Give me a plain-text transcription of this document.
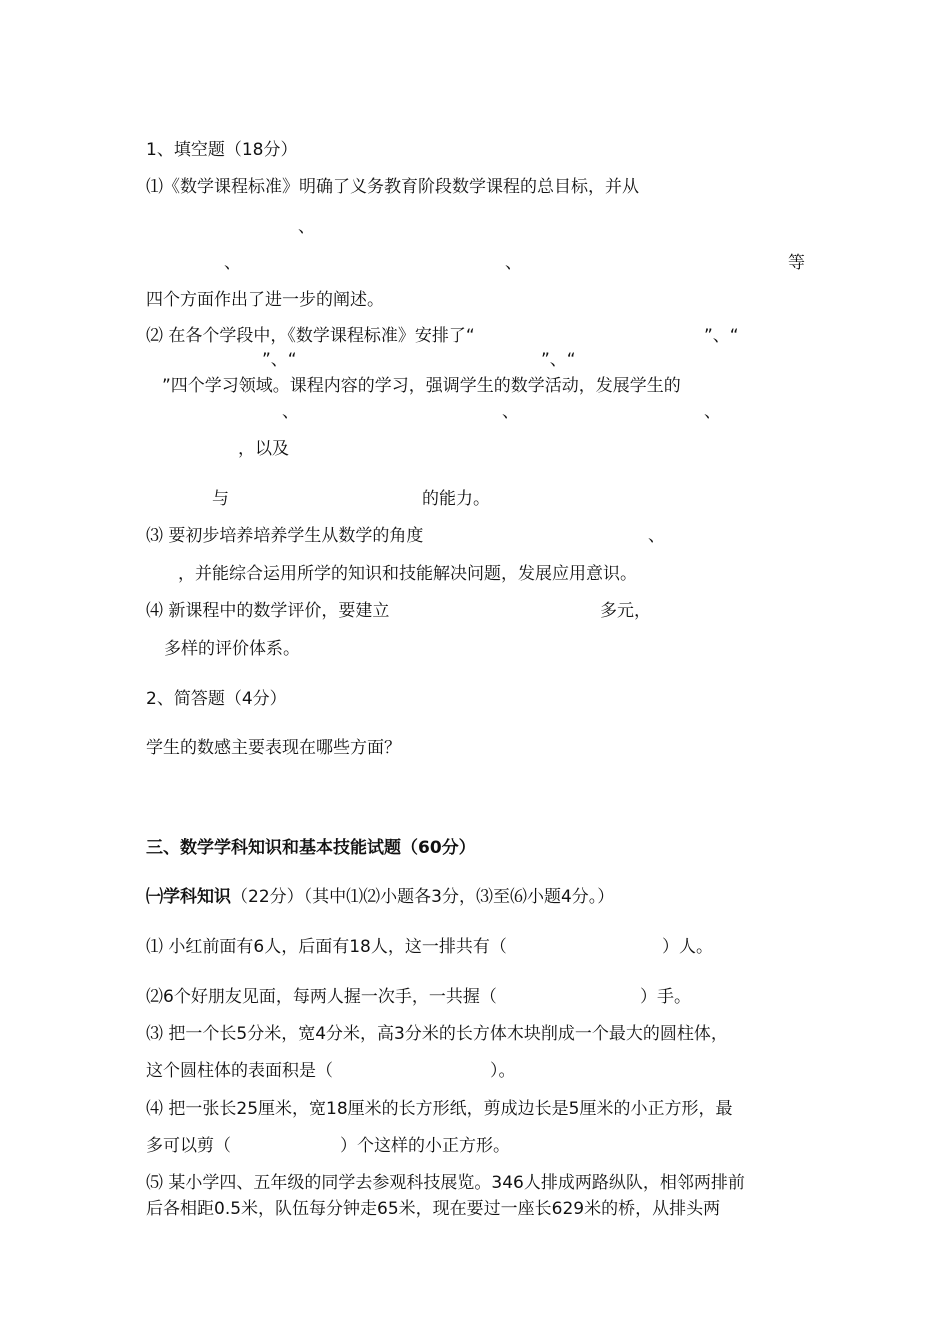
1、填空题（18分）
⑴《数学课程标准》明确了义务教育阶段数学课程的总目标，并从
、
、	、	等
四个方面作出了进一步的阐述。
⑵ 在各个学段中，《数学课程标准》安排了“	”、“
”、“	”、“
”四个学习领域。课程内容的学习，强调学生的数学活动，发展学生的
、	、	、
，以及
与	的能力。
⑶ 要初步培养培养学生从数学的角度	、
，并能综合运用所学的知识和技能解决问题，发展应用意识。
⑷ 新课程中的数学评价，要建立	多元，
多样的评价体系。
2、简答题（4分）
学生的数感主要表现在哪些方面？
三、数学学科知识和基本技能试题（60分）
㈠学科知识（22分）（其中⑴⑵小题各3分，⑶至⑹小题4分。）
⑴ 小红前面有6人，后面有18人，这一排共有（	）人。
⑵6个好朋友见面，每两人握一次手，一共握（	）手。
⑶ 把一个长5分米，宽4分米，高3分米的长方体木块削成一个最大的圆柱体，
这个圆柱体的表面积是（	）。
⑷ 把一张长25厘米，宽18厘米的长方形纸，剪成边长是5厘米的小正方形，最
多可以剪（	）个这样的小正方形。
⑸ 某小学四、五年级的同学去参观科技展览。346人排成两路纵队，相邻两排前
后各相距0.5米，队伍每分钟走65米，现在要过一座长629米的桥，从排头两
